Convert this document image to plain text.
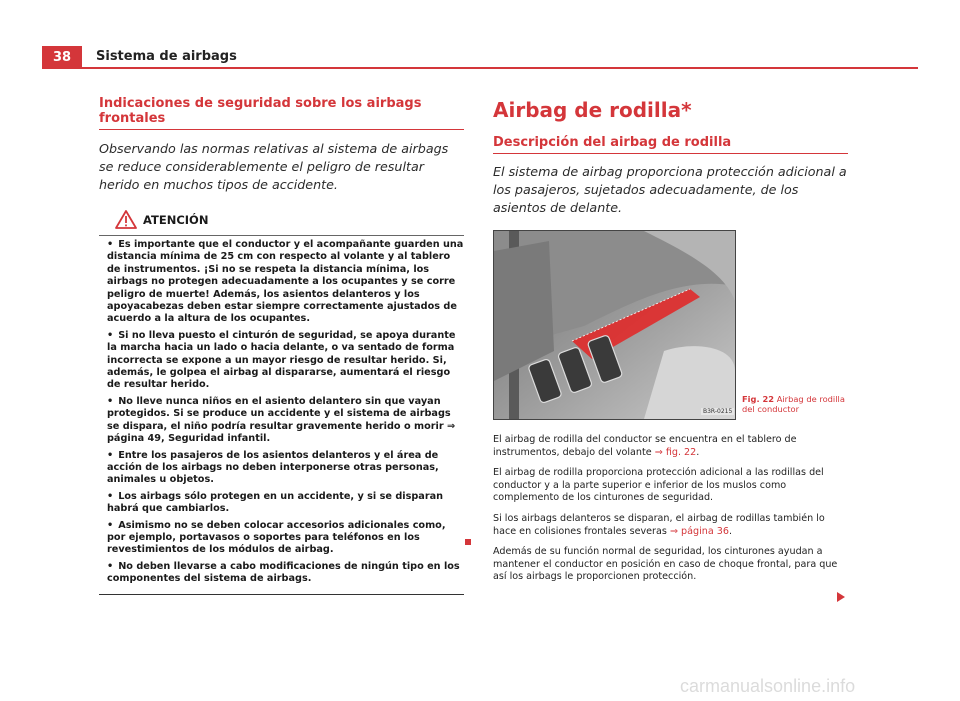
38	Sistema de airbags
Indicaciones de seguridad sobre los airbags frontales
Observando las normas relativas al sistema de airbags se reduce considerablemente el peligro de resultar herido en muchos tipos de accidente.
ATENCIÓN
• Es importante que el conductor y el acompañante guarden una distancia mínima de 25 cm con respecto al volante y al tablero de instrumentos. ¡Si no se respeta la distancia mínima, los airbags no protegen adecuadamente a los ocupantes y se corre peligro de muerte! Además, los asientos delanteros y los apoyacabezas deben estar siempre correctamente ajustados de acuerdo a la altura de los ocupantes.
• Si no lleva puesto el cinturón de seguridad, se apoya durante la marcha hacia un lado o hacia delante, o va sentado de forma incorrecta se expone a un mayor riesgo de resultar herido. Si, además, le golpea el airbag al dispararse, aumentará el riesgo de resultar herido.
• No lleve nunca niños en el asiento delantero sin que vayan protegidos. Si se produce un accidente y el sistema de airbags se dispara, el niño podría resultar gravemente herido o morir ⇒ página 49, Seguridad infantil.
• Entre los pasajeros de los asientos delanteros y el área de acción de los airbags no deben interponerse otras personas, animales u objetos.
• Los airbags sólo protegen en un accidente, y si se disparan habrá que cambiarlos.
• Asimismo no se deben colocar accesorios adicionales como, por ejemplo, portavasos o soportes para teléfonos en los revestimientos de los módulos de airbag.
• No deben llevarse a cabo modificaciones de ningún tipo en los componentes del sistema de airbags.
Airbag de rodilla*
Descripción del airbag de rodilla
El sistema de airbag proporciona protección adicional a los pasajeros, sujetados adecuadamente, de los asientos de delante.
B3R-0215
Fig. 22 Airbag de rodilla del conductor

El airbag de rodilla del conductor se encuentra en el tablero de instrumentos, debajo del volante ⇒ fig. 22.

El airbag de rodilla proporciona protección adicional a las rodillas del conductor y a la parte superior e inferior de los muslos como complemento de los cinturones de seguridad.

Si los airbags delanteros se disparan, el airbag de rodillas también lo hace en colisiones frontales severas ⇒ página 36.

Además de su función normal de seguridad, los cinturones ayudan a mantener el conductor en posición en caso de choque frontal, para que así los airbags le proporcionen protección.

carmanualsonline.info
